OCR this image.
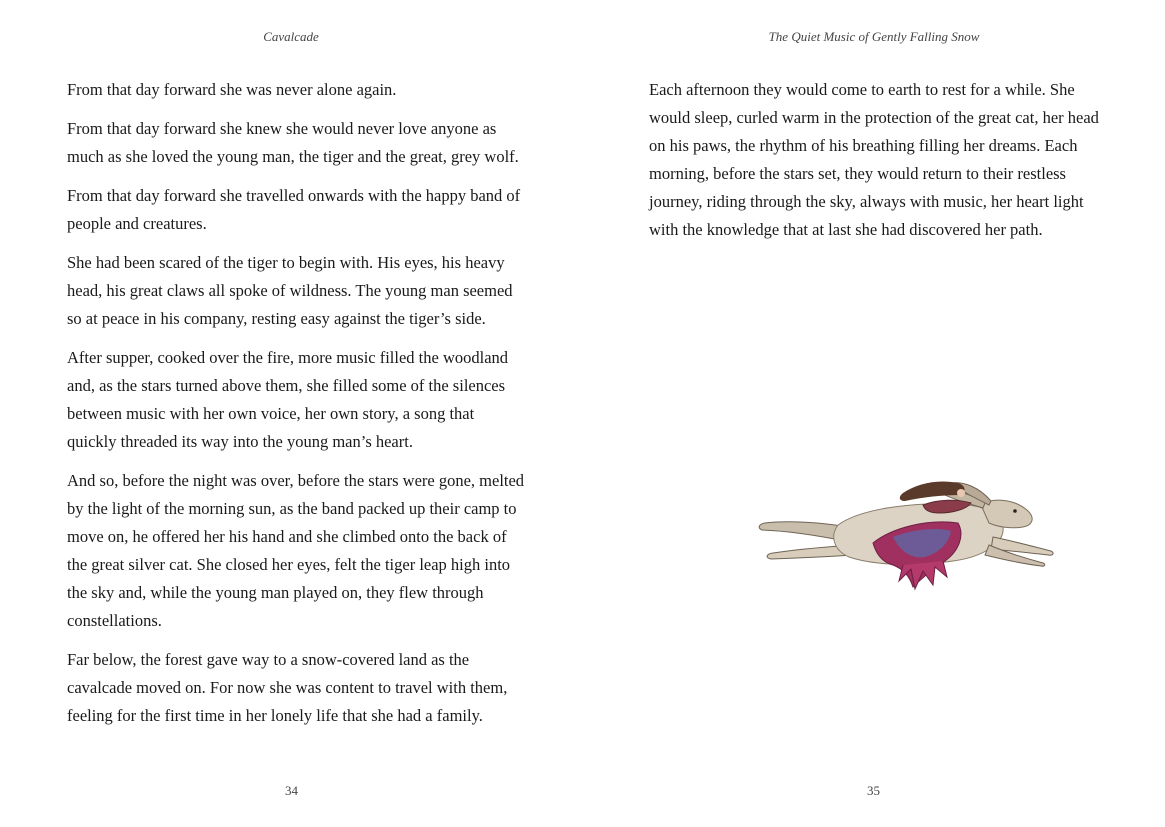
Cavalcade

From that day forward she was never alone again.

From that day forward she knew she would never love anyone as much as she loved the young man, the tiger and the great, grey wolf.

From that day forward she travelled onwards with the happy band of people and creatures.

She had been scared of the tiger to begin with. His eyes, his heavy head, his great claws all spoke of wildness. The young man seemed so at peace in his company, resting easy against the tiger’s side.

After supper, cooked over the fire, more music filled the woodland and, as the stars turned above them, she filled some of the silences between music with her own voice, her own story, a song that quickly threaded its way into the young man’s heart.

And so, before the night was over, before the stars were gone, melted by the light of the morning sun, as the band packed up their camp to move on, he offered her his hand and she climbed onto the back of the great silver cat. She closed her eyes, felt the tiger leap high into the sky and, while the young man played on, they flew through constellations.

Far below, the forest gave way to a snow-covered land as the cavalcade moved on. For now she was content to travel with them, feeling for the first time in her lonely life that she had a family.

34
The Quiet Music of Gently Falling Snow

Each afternoon they would come to earth to rest for a while. She would sleep, curled warm in the protection of the great cat, her head on his paws, the rhythm of his breathing filling her dreams. Each morning, before the stars set, they would return to their restless journey, riding through the sky, always with music, her heart light with the knowledge that at last she had discovered her path.

35
